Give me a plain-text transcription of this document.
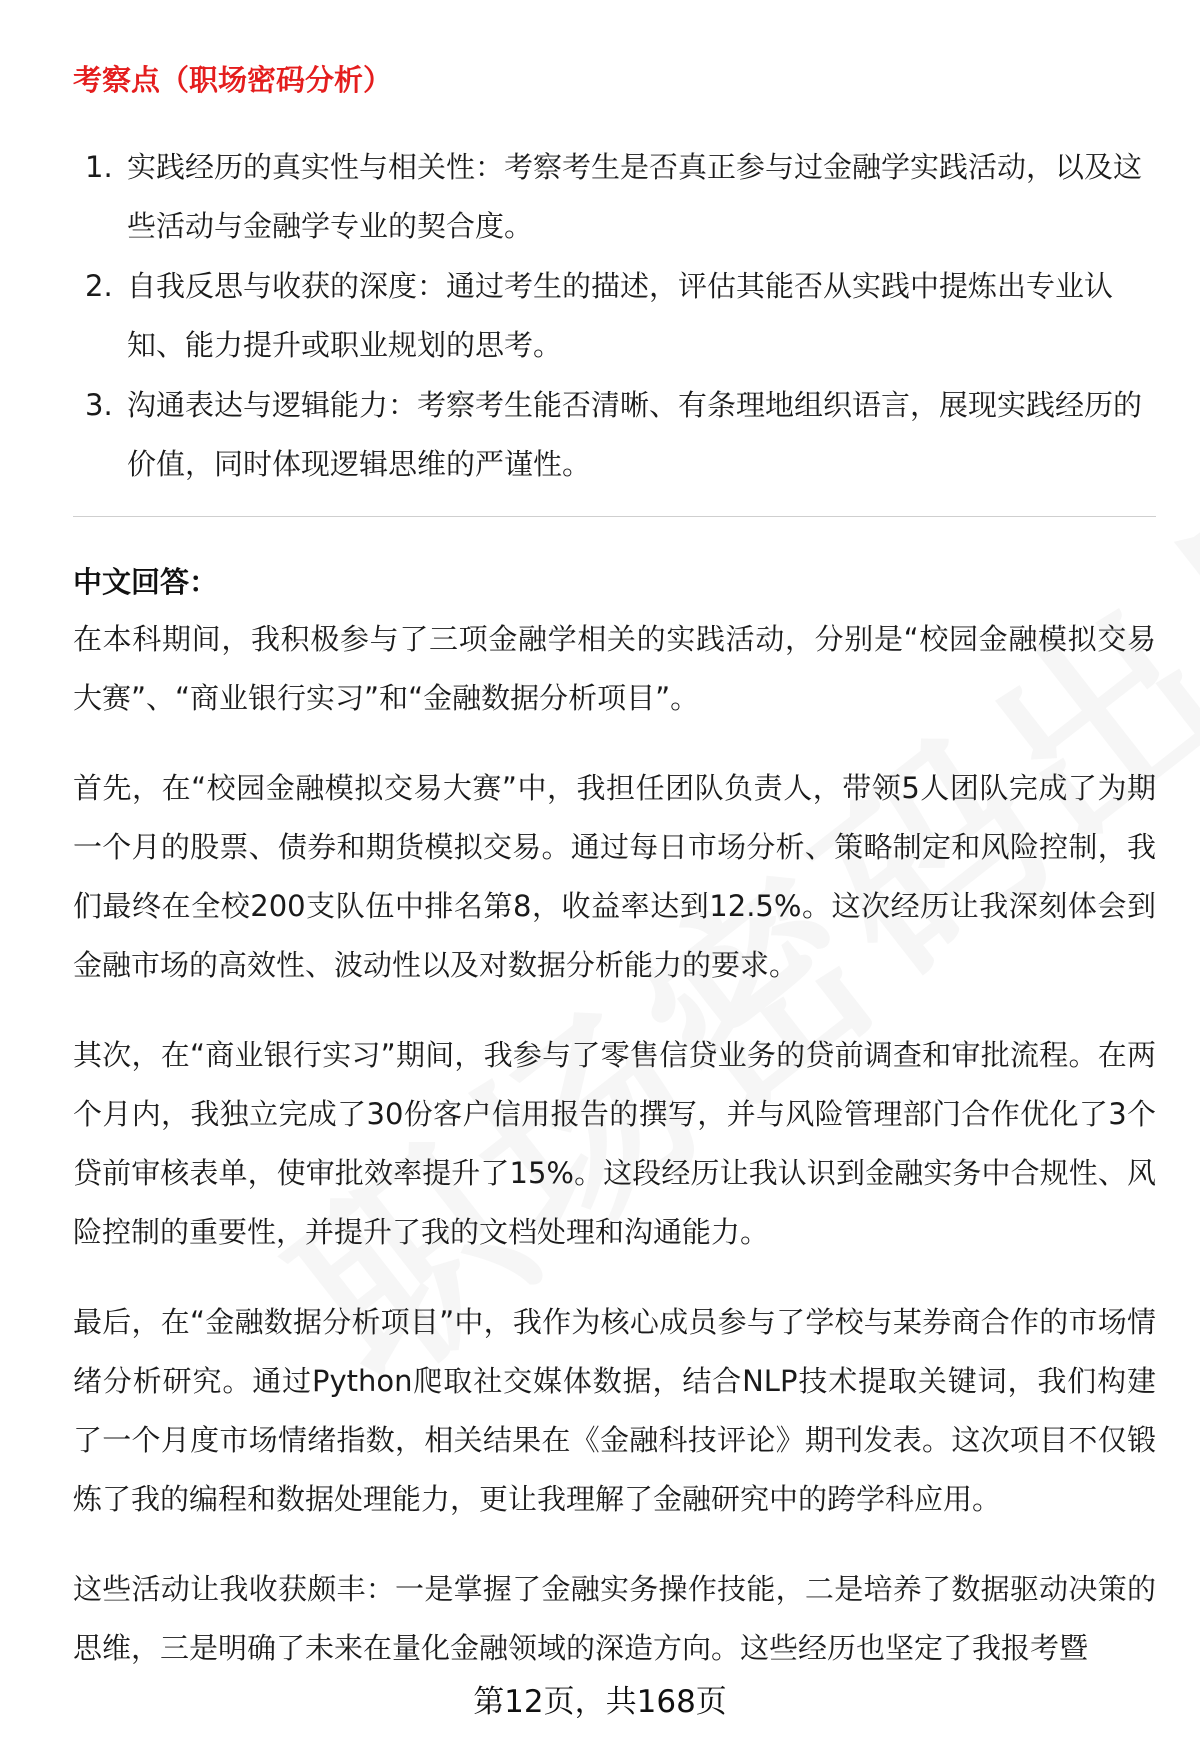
考察点（职场密码分析）
1. 实践经历的真实性与相关性：考察考生是否真正参与过金融学实践活动，以及这些活动与金融学专业的契合度。
2. 自我反思与收获的深度：通过考生的描述，评估其能否从实践中提炼出专业认知、能力提升或职业规划的思考。
3. 沟通表达与逻辑能力：考察考生能否清晰、有条理地组织语言，展现实践经历的价值，同时体现逻辑思维的严谨性。
中文回答：

在本科期间，我积极参与了三项金融学相关的实践活动，分别是“校园金融模拟交易大赛”、“商业银行实习”和“金融数据分析项目”。

首先，在“校园金融模拟交易大赛”中，我担任团队负责人，带领5人团队完成了为期一个月的股票、债券和期货模拟交易。通过每日市场分析、策略制定和风险控制，我们最终在全校200支队伍中排名第8，收益率达到12.5%。这次经历让我深刻体会到金融市场的高效性、波动性以及对数据分析能力的要求。

其次，在“商业银行实习”期间，我参与了零售信贷业务的贷前调查和审批流程。在两个月内，我独立完成了30份客户信用报告的撰写，并与风险管理部门合作优化了3个贷前审核表单，使审批效率提升了15%。这段经历让我认识到金融实务中合规性、风险控制的重要性，并提升了我的文档处理和沟通能力。

最后，在“金融数据分析项目”中，我作为核心成员参与了学校与某券商合作的市场情绪分析研究。通过Python爬取社交媒体数据，结合NLP技术提取关键词，我们构建了一个月度市场情绪指数，相关结果在《金融科技评论》期刊发表。这次项目不仅锻炼了我的编程和数据处理能力，更让我理解了金融研究中的跨学科应用。

这些活动让我收获颇丰：一是掌握了金融实务操作技能，二是培养了数据驱动决策的思维，三是明确了未来在量化金融领域的深造方向。这些经历也坚定了我报考暨

第12页，共168页
